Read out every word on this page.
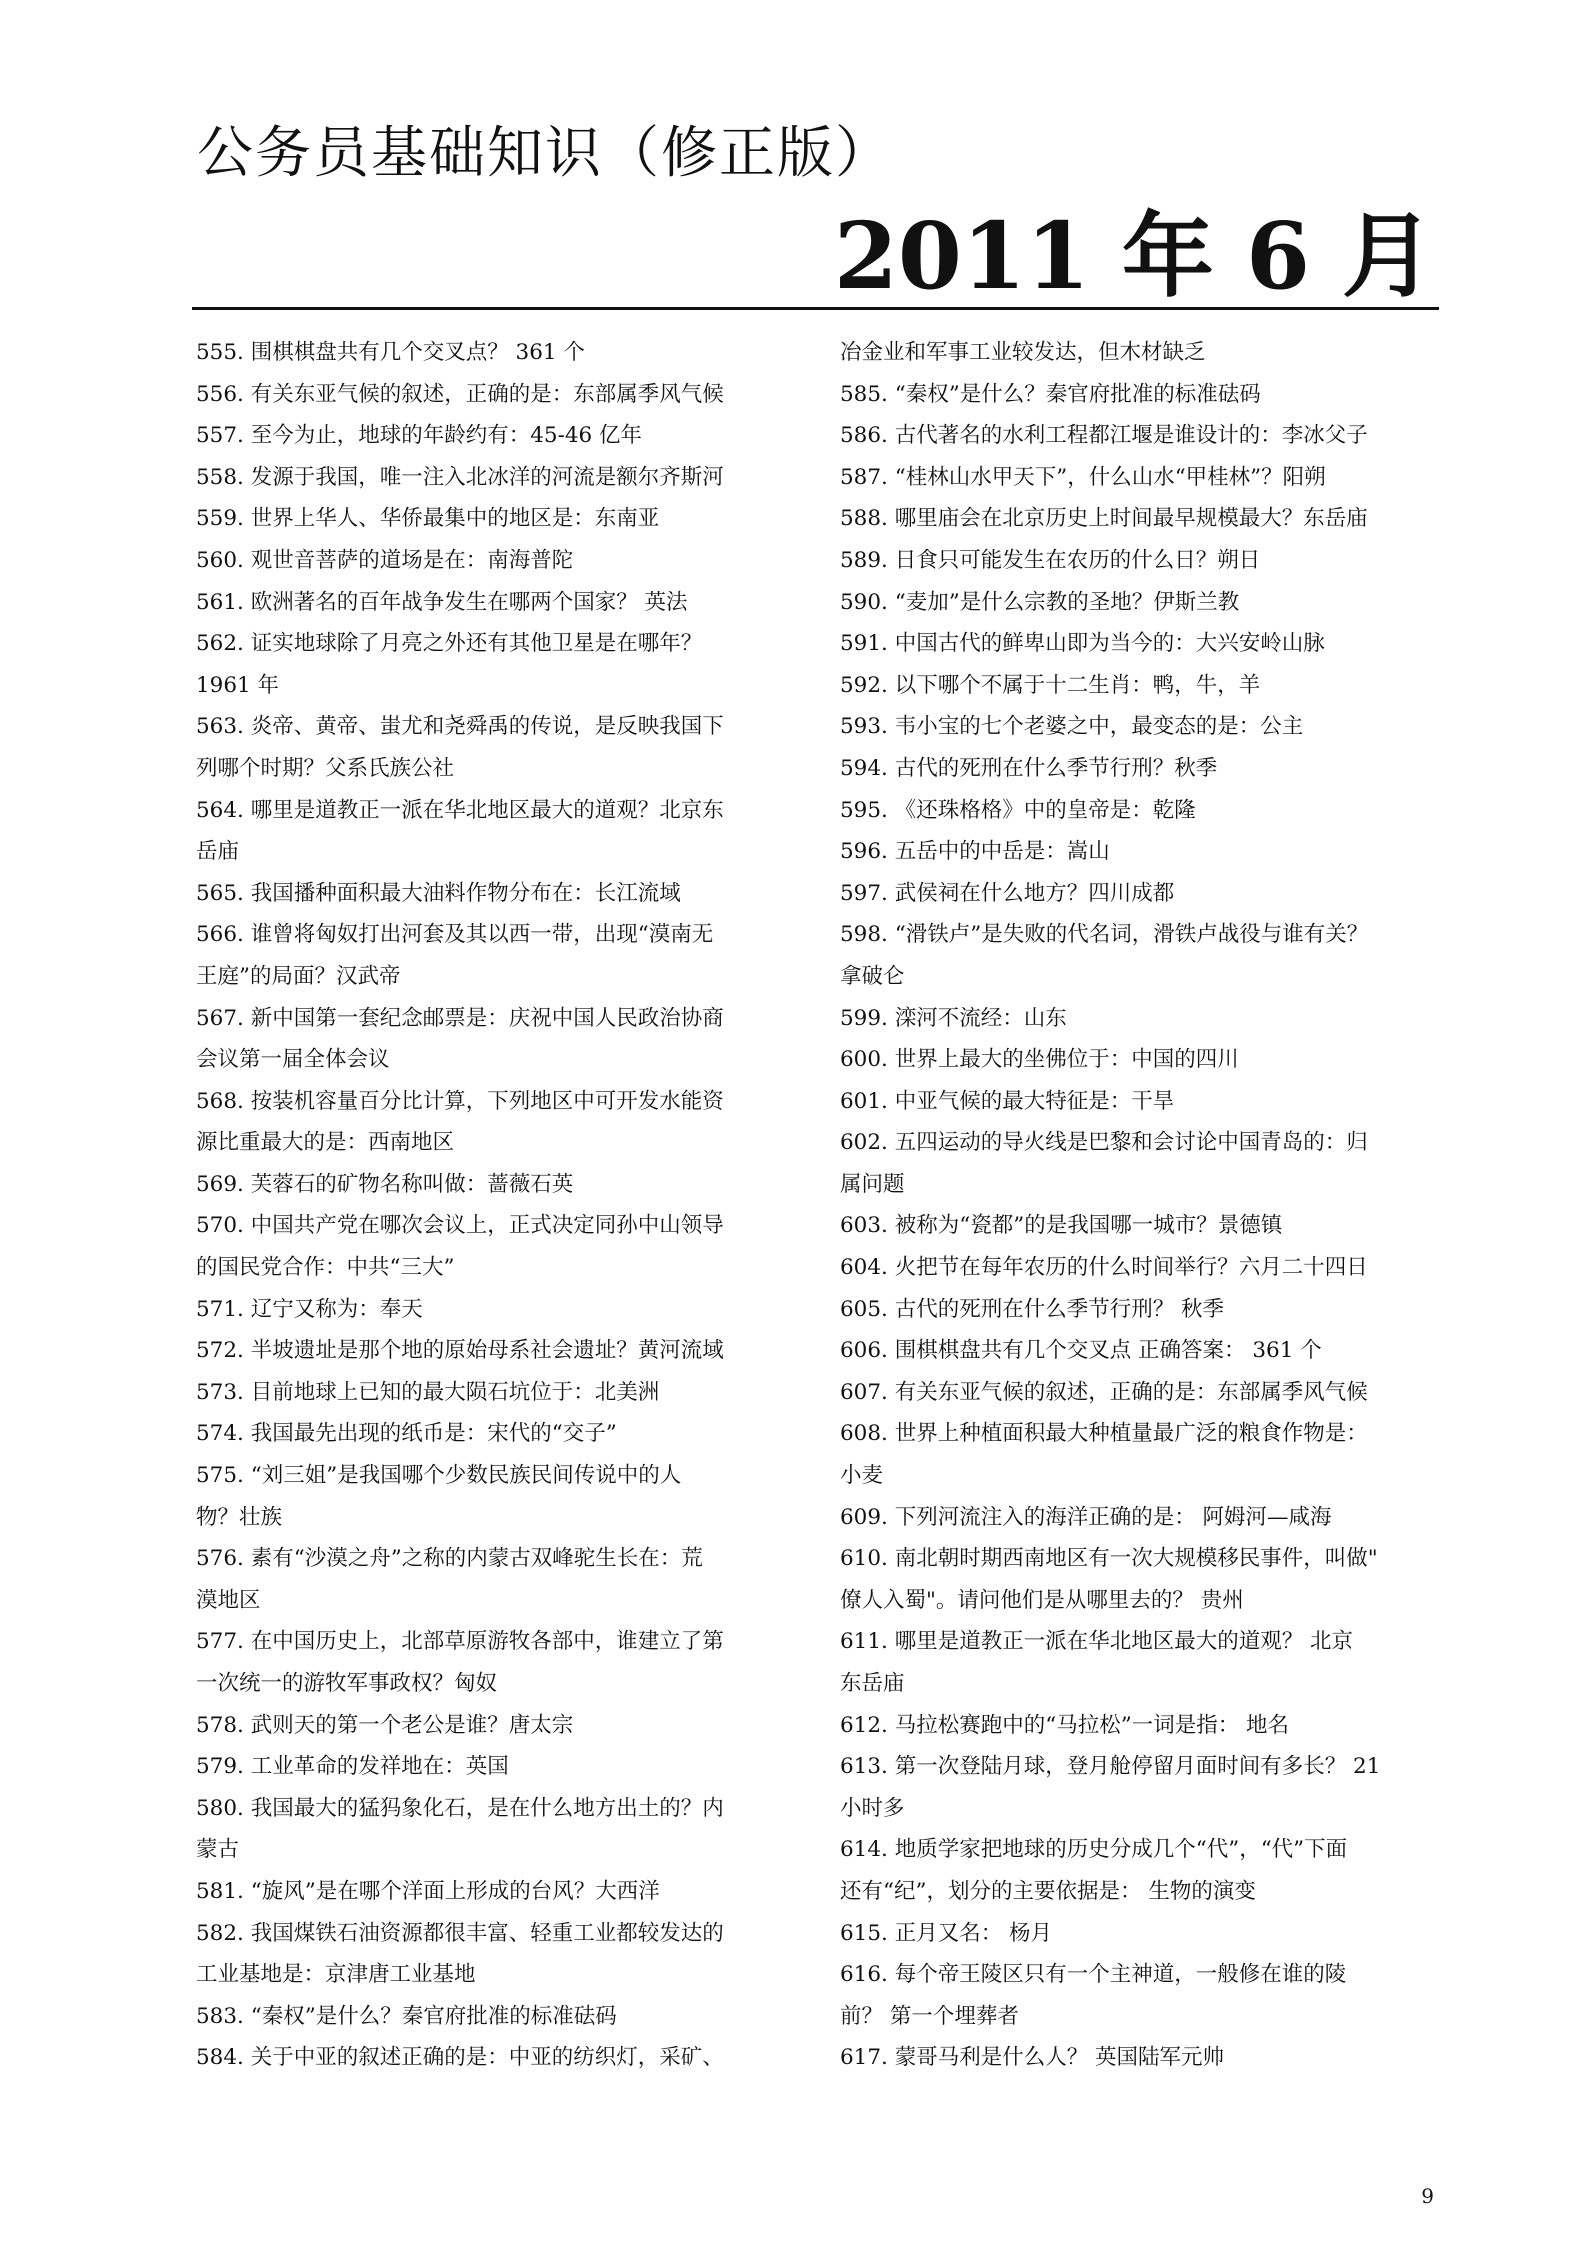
公务员基础知识（修正版）
2011 年 6 月
555. 围棋棋盘共有几个交叉点？ 361 个
556. 有关东亚气候的叙述，正确的是：东部属季风气候
557. 至今为止，地球的年龄约有：45-46 亿年
558. 发源于我国，唯一注入北冰洋的河流是额尔齐斯河
559. 世界上华人、华侨最集中的地区是：东南亚
560. 观世音菩萨的道场是在：南海普陀
561. 欧洲著名的百年战争发生在哪两个国家？ 英法
562. 证实地球除了月亮之外还有其他卫星是在哪年？
1961 年
563. 炎帝、黄帝、蚩尤和尧舜禹的传说，是反映我国下
列哪个时期？父系氏族公社
564. 哪里是道教正一派在华北地区最大的道观？北京东
岳庙
565. 我国播种面积最大油料作物分布在：长江流域
566. 谁曾将匈奴打出河套及其以西一带，出现“漠南无
王庭”的局面？汉武帝
567. 新中国第一套纪念邮票是：庆祝中国人民政治协商
会议第一届全体会议
568. 按装机容量百分比计算，下列地区中可开发水能资
源比重最大的是：西南地区
569. 芙蓉石的矿物名称叫做：蔷薇石英
570. 中国共产党在哪次会议上，正式决定同孙中山领导
的国民党合作：中共“三大”
571. 辽宁又称为：奉天
572. 半坡遗址是那个地的原始母系社会遗址？黄河流域
573. 目前地球上已知的最大陨石坑位于：北美洲
574. 我国最先出现的纸币是：宋代的“交子”
575. “刘三姐”是我国哪个少数民族民间传说中的人
物？壮族
576. 素有“沙漠之舟”之称的内蒙古双峰驼生长在：荒
漠地区
577. 在中国历史上，北部草原游牧各部中，谁建立了第
一次统一的游牧军事政权？匈奴
578. 武则天的第一个老公是谁？唐太宗
579. 工业革命的发祥地在：英国
580. 我国最大的猛犸象化石，是在什么地方出土的？内
蒙古
581. “旋风”是在哪个洋面上形成的台风？大西洋
582. 我国煤铁石油资源都很丰富、轻重工业都较发达的
工业基地是：京津唐工业基地
583. “秦权”是什么？秦官府批准的标准砝码
584. 关于中亚的叙述正确的是：中亚的纺织灯，采矿、
冶金业和军事工业较发达，但木材缺乏
585. “秦权”是什么？秦官府批准的标准砝码
586. 古代著名的水利工程都江堰是谁设计的：李冰父子
587. “桂林山水甲天下”，什么山水“甲桂林”？阳朔
588. 哪里庙会在北京历史上时间最早规模最大？东岳庙
589. 日食只可能发生在农历的什么日？朔日
590. “麦加”是什么宗教的圣地？伊斯兰教
591. 中国古代的鲜卑山即为当今的：大兴安岭山脉
592. 以下哪个不属于十二生肖：鸭，牛，羊
593. 韦小宝的七个老婆之中，最变态的是：公主
594. 古代的死刑在什么季节行刑？秋季
595. 《还珠格格》中的皇帝是：乾隆
596. 五岳中的中岳是：嵩山
597. 武侯祠在什么地方？四川成都
598. “滑铁卢”是失败的代名词，滑铁卢战役与谁有关？
拿破仑
599. 滦河不流经：山东
600. 世界上最大的坐佛位于：中国的四川
601. 中亚气候的最大特征是：干旱
602. 五四运动的导火线是巴黎和会讨论中国青岛的：归
属问题
603. 被称为“瓷都”的是我国哪一城市？景德镇
604. 火把节在每年农历的什么时间举行？六月二十四日
605. 古代的死刑在什么季节行刑？ 秋季
606. 围棋棋盘共有几个交叉点 正确答案： 361 个
607. 有关东亚气候的叙述，正确的是：东部属季风气候
608. 世界上种植面积最大种植量最广泛的粮食作物是：
小麦
609. 下列河流注入的海洋正确的是： 阿姆河—咸海
610. 南北朝时期西南地区有一次大规模移民事件，叫做"
僚人入蜀"。请问他们是从哪里去的？ 贵州
611. 哪里是道教正一派在华北地区最大的道观？ 北京
东岳庙
612. 马拉松赛跑中的“马拉松”一词是指： 地名
613. 第一次登陆月球，登月舱停留月面时间有多长？ 21
小时多
614. 地质学家把地球的历史分成几个“代”，“代”下面
还有“纪”，划分的主要依据是： 生物的演变
615. 正月又名： 杨月
616. 每个帝王陵区只有一个主神道，一般修在谁的陵
前？ 第一个埋葬者
617. 蒙哥马利是什么人？ 英国陆军元帅
9
